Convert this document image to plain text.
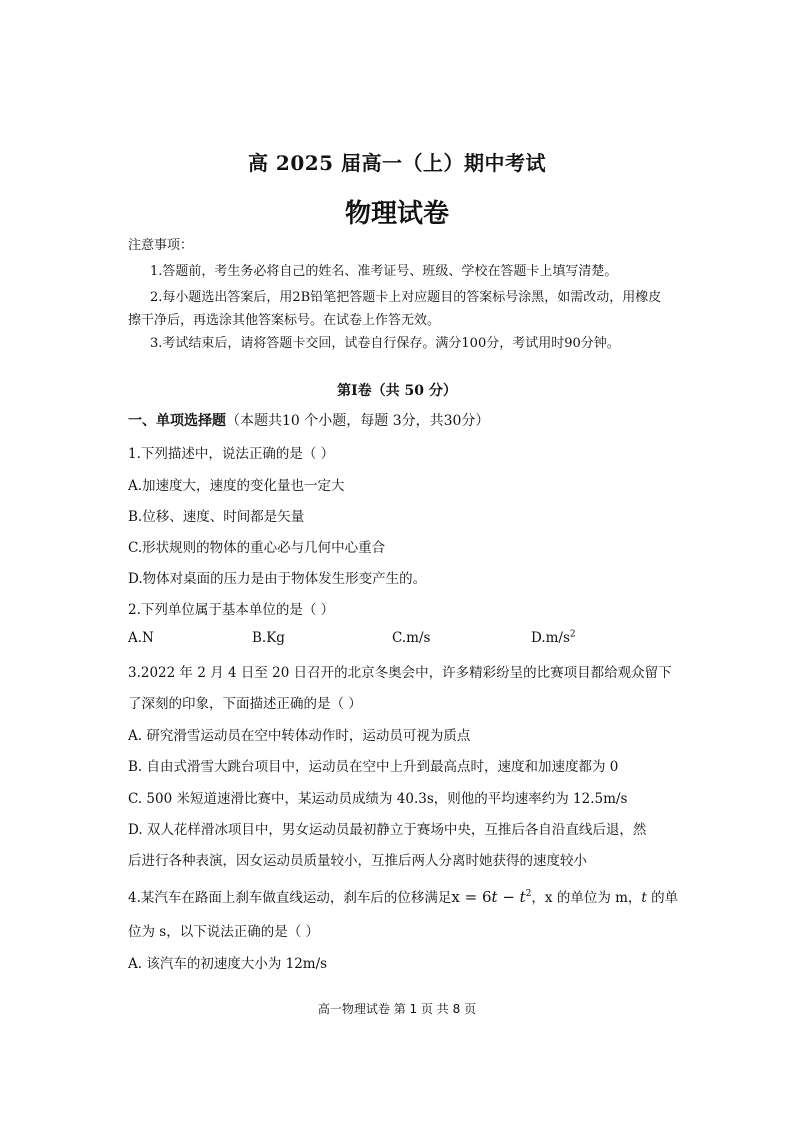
高 2025 届高一（上）期中考试
物理试卷
注意事项：
1.答题前，考生务必将自己的姓名、准考证号、班级、学校在答题卡上填写清楚。
2.每小题选出答案后，用2B铅笔把答题卡上对应题目的答案标号涂黑，如需改动，用橡皮
擦干净后，再选涂其他答案标号。在试卷上作答无效。
3.考试结束后，请将答题卡交回，试卷自行保存。满分100分，考试用时90分钟。
第Ⅰ卷（共 50 分）
一、单项选择题（本题共10 个小题，每题 3分，共30分）
1.下列描述中，说法正确的是（ ）
A.加速度大，速度的变化量也一定大
B.位移、速度、时间都是矢量
C.形状规则的物体的重心必与几何中心重合
D.物体对桌面的压力是由于物体发生形变产生的。
2.下列单位属于基本单位的是（ ）
A.N	B.Kg	C.m/s	$D.m/s^2$
3.2022 年 2 月 4 日至 20 日召开的北京冬奥会中，许多精彩纷呈的比赛项目都给观众留下
了深刻的印象，下面描述正确的是（ ）
A. 研究滑雪运动员在空中转体动作时，运动员可视为质点
B. 自由式滑雪大跳台项目中，运动员在空中上升到最高点时，速度和加速度都为 0
C. 500 米短道速滑比赛中，某运动员成绩为 40.3s，则他的平均速率约为 12.5m/s
D. 双人花样滑冰项目中，男女运动员最初静立于赛场中央，互推后各自沿直线后退，然
后进行各种表演，因女运动员质量较小，互推后两人分离时她获得的速度较小
4.某汽车在路面上刹车做直线运动，刹车后的位移满足$x = 6t - t^2$，x 的单位为 m，t 的单
位为 s，以下说法正确的是（ ）
A. 该汽车的初速度大小为 12m/s
高一物理试卷 第 1 页 共 8 页
